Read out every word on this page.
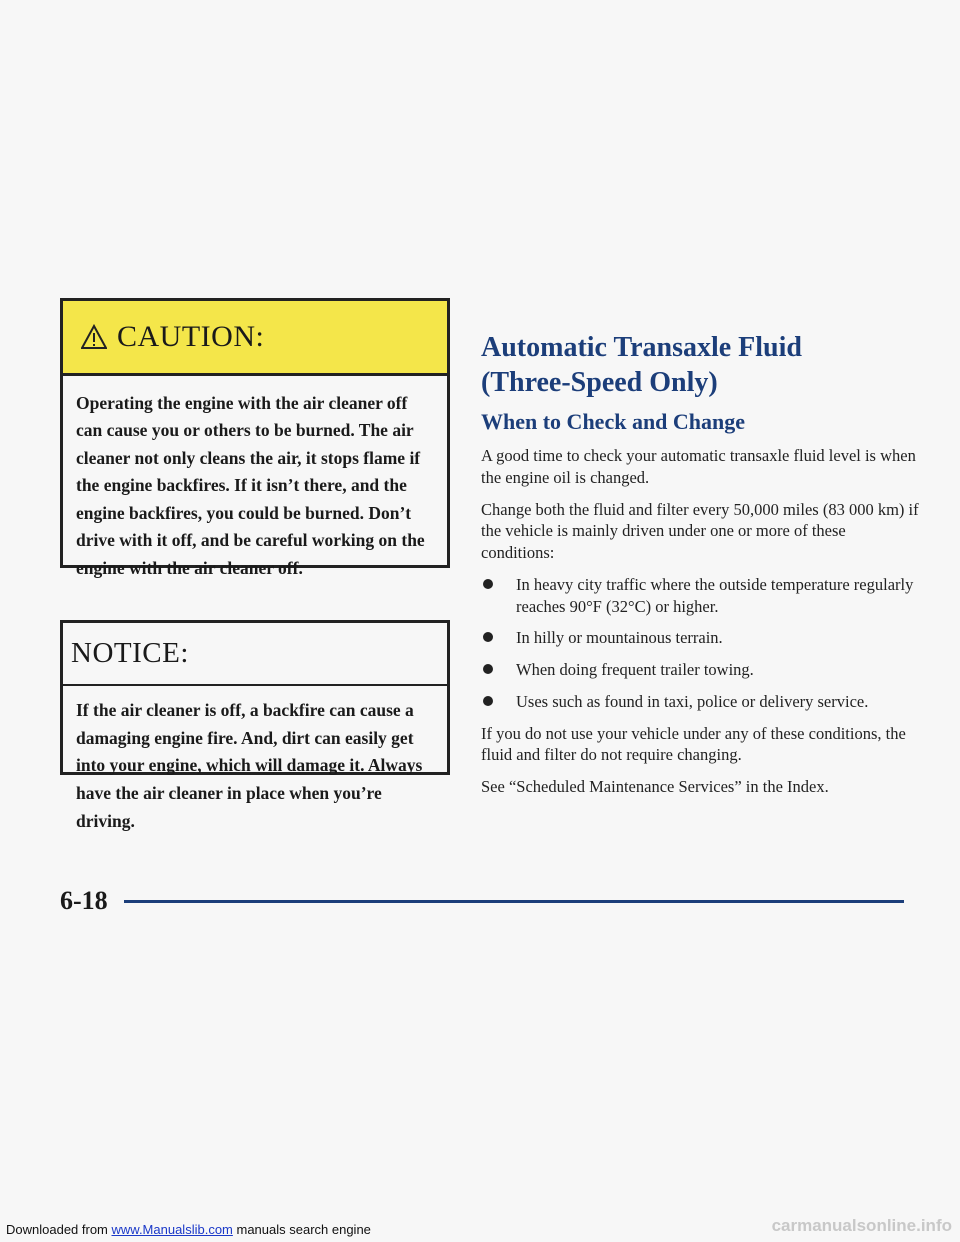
CAUTION:
Operating the engine with the air cleaner off can cause you or others to be burned. The air cleaner not only cleans the air, it stops flame if the engine backfires. If it isn’t there, and the engine backfires, you could be burned. Don’t drive with it off, and be careful working on the engine with the air cleaner off.
NOTICE:
If the air cleaner is off, a backfire can cause a damaging engine fire. And, dirt can easily get into your engine, which will damage it. Always have the air cleaner in place when you’re driving.
Automatic Transaxle Fluid
(Three-Speed Only)
When to Check and Change

A good time to check your automatic transaxle fluid level is when the engine oil is changed.

Change both the fluid and filter every 50,000 miles (83 000 km) if the vehicle is mainly driven under one or more of these conditions:

In heavy city traffic where the outside temperature regularly reaches 90°F (32°C) or higher.
In hilly or mountainous terrain.
When doing frequent trailer towing.
Uses such as found in taxi, police or delivery service.

If you do not use your vehicle under any of these conditions, the fluid and filter do not require changing.

See “Scheduled Maintenance Services” in the Index.

6-18
Downloaded from www.Manualslib.com manuals search engine	carmanualsonline.info
